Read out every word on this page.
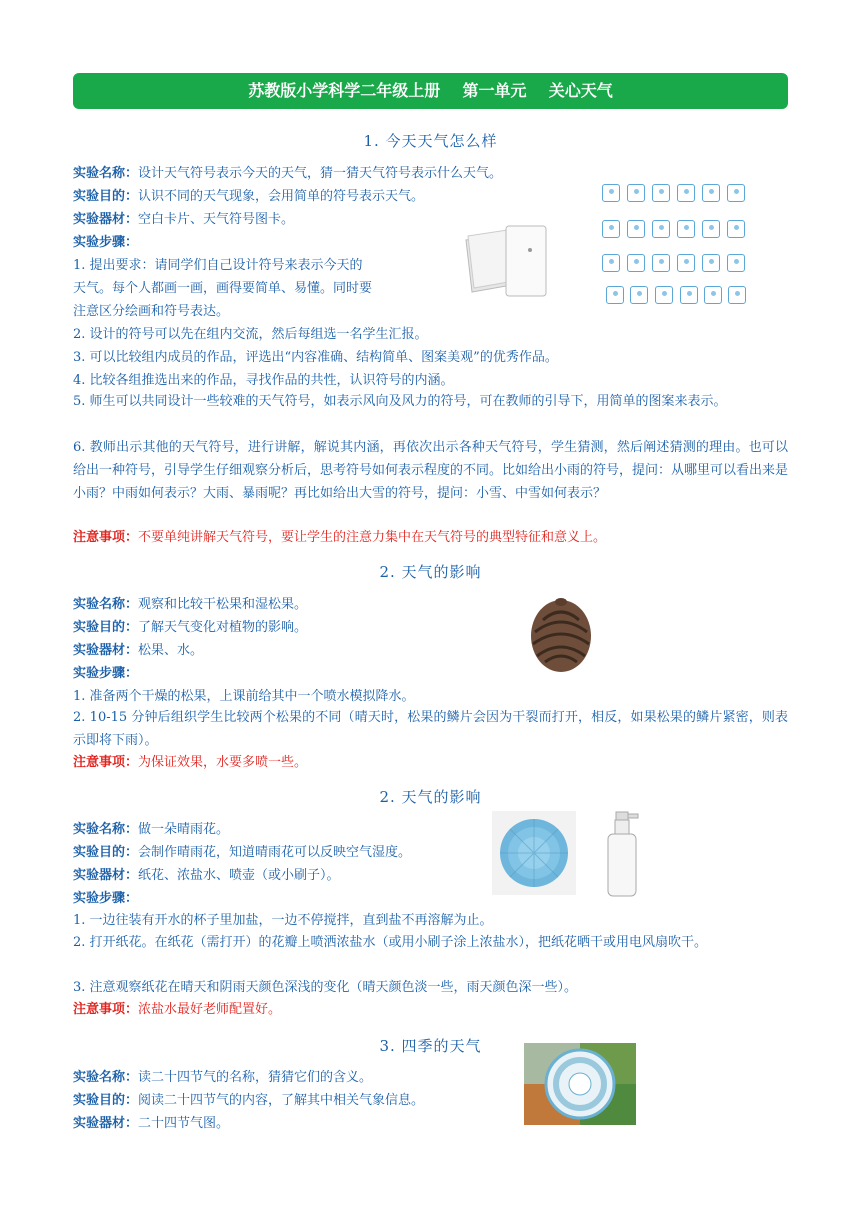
苏教版小学科学二年级上册    第一单元    关心天气
1. 今天天气怎么样
实验名称：设计天气符号表示今天的天气，猜一猜天气符号表示什么天气。
实验目的：认识不同的天气现象，会用简单的符号表示天气。
实验器材：空白卡片、天气符号图卡。
实验步骤：
1. 提出要求：请同学们自己设计符号来表示今天的
天气。每个人都画一画，画得要简单、易懂。同时要
注意区分绘画和符号表达。
2. 设计的符号可以先在组内交流，然后每组选一名学生汇报。
3. 可以比较组内成员的作品，评选出“内容准确、结构简单、图案美观”的优秀作品。
4. 比较各组推选出来的作品，寻找作品的共性，认识符号的内涵。
5. 师生可以共同设计一些较难的天气符号，如表示风向及风力的符号，可在教师的引导下，用简单的图案来表示。
6. 教师出示其他的天气符号，进行讲解，解说其内涵，再依次出示各种天气符号，学生猜测，然后阐述猜测的理由。也可以给出一种符号，引导学生仔细观察分析后，思考符号如何表示程度的不同。比如给出小雨的符号，提问：从哪里可以看出来是小雨？中雨如何表示？大雨、暴雨呢？再比如给出大雪的符号，提问：小雪、中雪如何表示？
注意事项：不要单纯讲解天气符号，要让学生的注意力集中在天气符号的典型特征和意义上。
2. 天气的影响
实验名称：观察和比较干松果和湿松果。
实验目的：了解天气变化对植物的影响。
实验器材：松果、水。
实验步骤：
1. 准备两个干燥的松果，上课前给其中一个喷水模拟降水。
2. 10-15 分钟后组织学生比较两个松果的不同（晴天时，松果的鳞片会因为干裂而打开，相反，如果松果的鳞片紧密，则表示即将下雨）。
注意事项：为保证效果，水要多喷一些。
2. 天气的影响
实验名称：做一朵晴雨花。
实验目的：会制作晴雨花，知道晴雨花可以反映空气湿度。
实验器材：纸花、浓盐水、喷壶（或小刷子）。
实验步骤：
1. 一边往装有开水的杯子里加盐，一边不停搅拌，直到盐不再溶解为止。
2. 打开纸花。在纸花（需打开）的花瓣上喷洒浓盐水（或用小刷子涂上浓盐水），把纸花晒干或用电风扇吹干。
3. 注意观察纸花在晴天和阴雨天颜色深浅的变化（晴天颜色淡一些，雨天颜色深一些）。
注意事项：浓盐水最好老师配置好。
3. 四季的天气
实验名称：读二十四节气的名称，猜猜它们的含义。
实验目的：阅读二十四节气的内容，了解其中相关气象信息。
实验器材：二十四节气图。
